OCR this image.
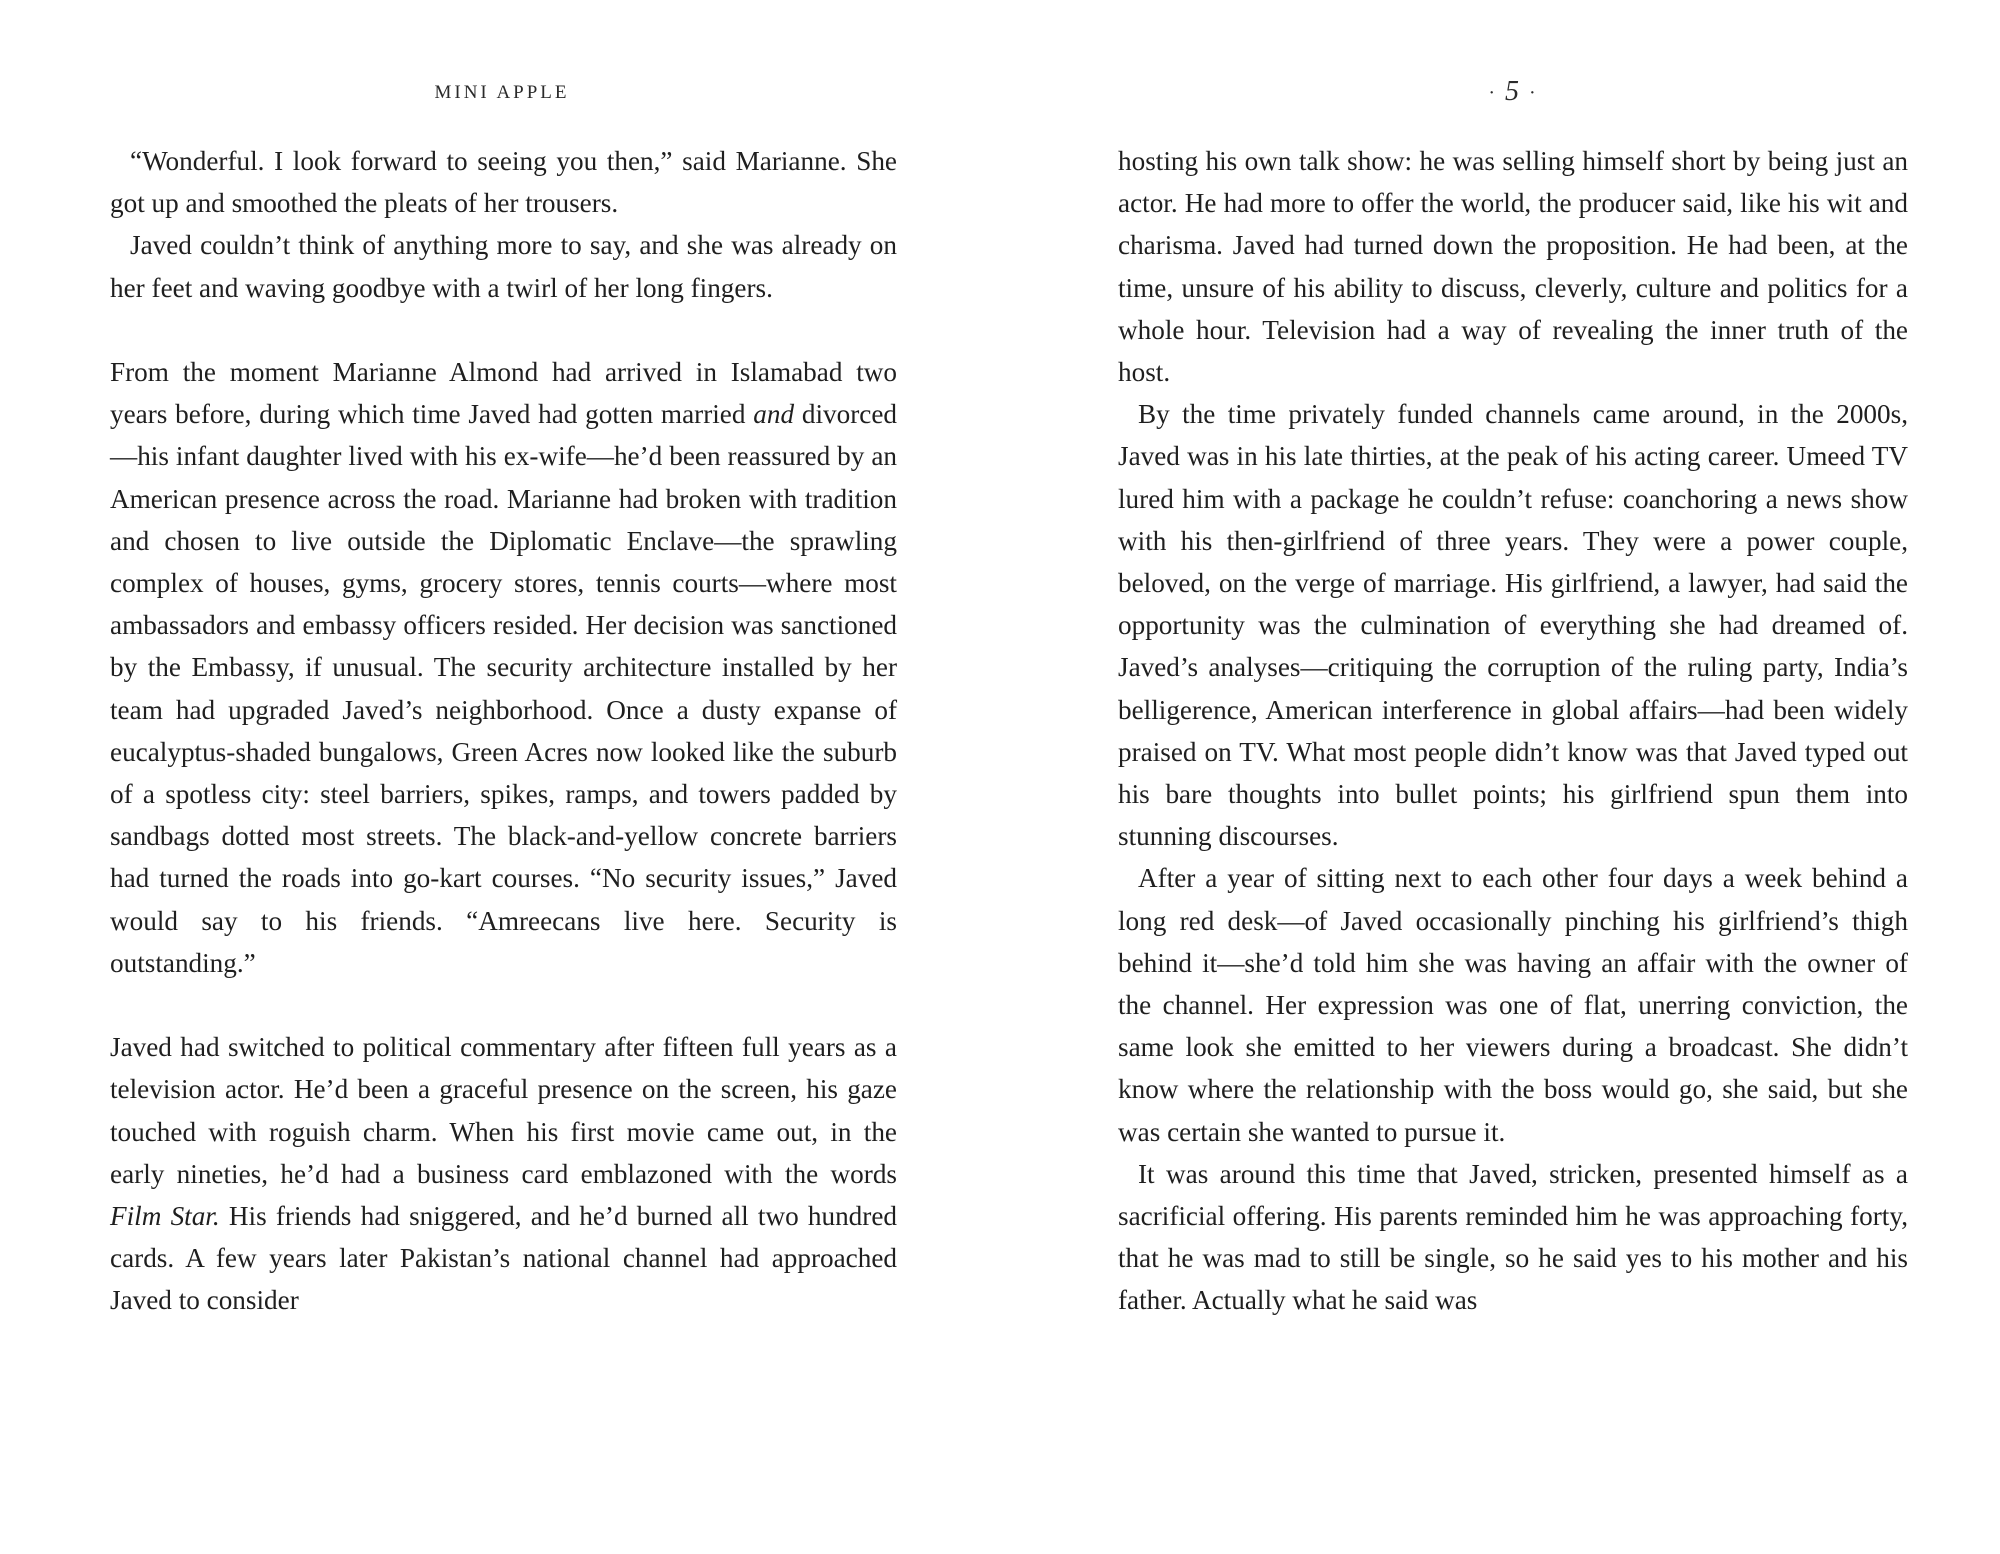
MINI APPLE

“Wonderful. I look forward to seeing you then,” said Marianne. She got up and smoothed the pleats of her trousers.

Javed couldn’t think of anything more to say, and she was already on her feet and waving goodbye with a twirl of her long fingers.

From the moment Marianne Almond had arrived in Islamabad two years before, during which time Javed had gotten married and divorced—his infant daughter lived with his ex-wife—he’d been reassured by an American presence across the road. Marianne had broken with tradition and chosen to live outside the Diplomatic Enclave—the sprawling complex of houses, gyms, grocery stores, tennis courts—where most ambassadors and embassy officers resided. Her decision was sanctioned by the Embassy, if unusual. The security architecture installed by her team had upgraded Javed’s neighborhood. Once a dusty expanse of eucalyptus-shaded bungalows, Green Acres now looked like the suburb of a spotless city: steel barriers, spikes, ramps, and towers padded by sandbags dotted most streets. The black-and-yellow concrete barriers had turned the roads into go-kart courses. “No security issues,” Javed would say to his friends. “Amreecans live here. Security is outstanding.”

Javed had switched to political commentary after fifteen full years as a television actor. He’d been a graceful presence on the screen, his gaze touched with roguish charm. When his first movie came out, in the early nineties, he’d had a business card emblazoned with the words Film Star. His friends had sniggered, and he’d burned all two hundred cards. A few years later Pakistan’s national channel had approached Javed to consider

· 5 ·

hosting his own talk show: he was selling himself short by being just an actor. He had more to offer the world, the producer said, like his wit and charisma. Javed had turned down the proposition. He had been, at the time, unsure of his ability to discuss, cleverly, culture and politics for a whole hour. Television had a way of revealing the inner truth of the host.

By the time privately funded channels came around, in the 2000s, Javed was in his late thirties, at the peak of his acting career. Umeed TV lured him with a package he couldn’t refuse: coanchoring a news show with his then-girlfriend of three years. They were a power couple, beloved, on the verge of marriage. His girlfriend, a lawyer, had said the opportunity was the culmination of everything she had dreamed of. Javed’s analyses—critiquing the corruption of the ruling party, India’s belligerence, American interference in global affairs—had been widely praised on TV. What most people didn’t know was that Javed typed out his bare thoughts into bullet points; his girlfriend spun them into stunning discourses.

After a year of sitting next to each other four days a week behind a long red desk—of Javed occasionally pinching his girlfriend’s thigh behind it—she’d told him she was having an affair with the owner of the channel. Her expression was one of flat, unerring conviction, the same look she emitted to her viewers during a broadcast. She didn’t know where the relationship with the boss would go, she said, but she was certain she wanted to pursue it.

It was around this time that Javed, stricken, presented himself as a sacrificial offering. His parents reminded him he was approaching forty, that he was mad to still be single, so he said yes to his mother and his father. Actually what he said was
